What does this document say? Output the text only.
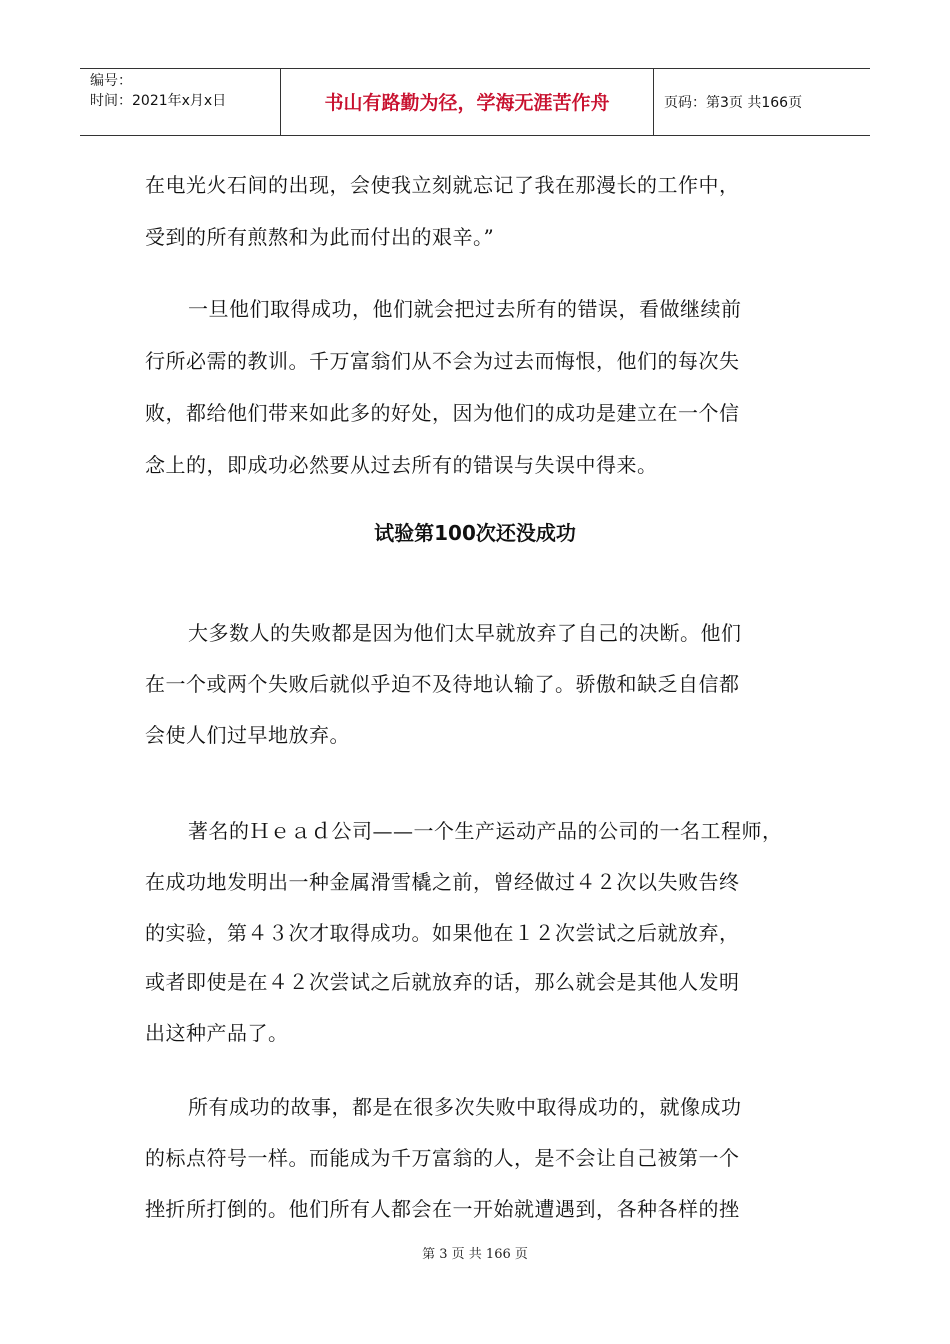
编号：
时间：2021年x月x日	书山有路勤为径，学海无涯苦作舟	页码：第3页 共166页
在电光火石间的出现，会使我立刻就忘记了我在那漫长的工作中，
受到的所有煎熬和为此而付出的艰辛。”
一旦他们取得成功，他们就会把过去所有的错误，看做继续前
行所必需的教训。千万富翁们从不会为过去而悔恨，他们的每次失
败，都给他们带来如此多的好处，因为他们的成功是建立在一个信
念上的，即成功必然要从过去所有的错误与失误中得来。
试验第100次还没成功
大多数人的失败都是因为他们太早就放弃了自己的决断。他们
在一个或两个失败后就似乎迫不及待地认输了。骄傲和缺乏自信都
会使人们过早地放弃。
著名的Ｈｅａｄ公司——一个生产运动产品的公司的一名工程师，
在成功地发明出一种金属滑雪橇之前，曾经做过４２次以失败告终
的实验，第４３次才取得成功。如果他在１２次尝试之后就放弃，
或者即使是在４２次尝试之后就放弃的话，那么就会是其他人发明
出这种产品了。
所有成功的故事，都是在很多次失败中取得成功的，就像成功
的标点符号一样。而能成为千万富翁的人，是不会让自己被第一个
挫折所打倒的。他们所有人都会在一开始就遭遇到，各种各样的挫
第 3 页 共 166 页
